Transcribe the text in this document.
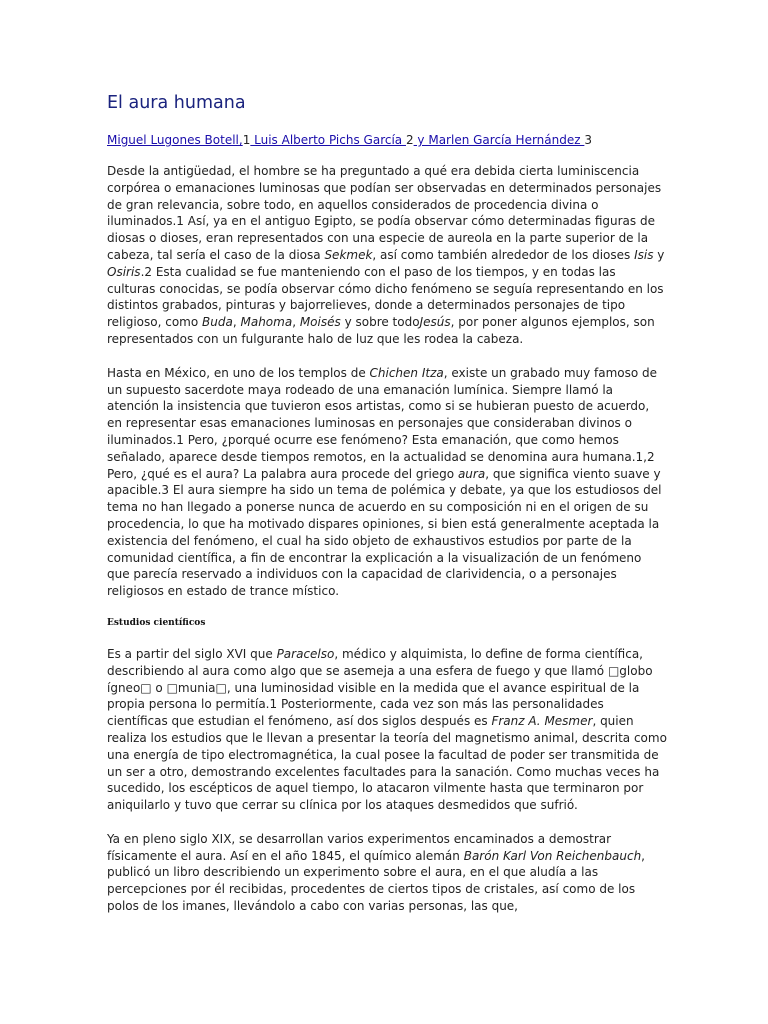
El aura humana
Miguel Lugones Botell,1 Luis Alberto Pichs García 2 y Marlen García Hernández 3

Desde la antigüedad, el hombre se ha preguntado a qué era debida cierta luminiscencia corpórea o emanaciones luminosas que podían ser observadas en determinados personajes de gran relevancia, sobre todo, en aquellos considerados de procedencia divina o iluminados.1 Así, ya en el antiguo Egipto, se podía observar cómo determinadas figuras de diosas o dioses, eran representados con una especie de aureola en la parte superior de la cabeza, tal sería el caso de la diosa Sekmek, así como también alrededor de los dioses Isis y Osiris.2 Esta cualidad se fue manteniendo con el paso de los tiempos, y en todas las culturas conocidas, se podía observar cómo dicho fenómeno se seguía representando en los distintos grabados, pinturas y bajorrelieves, donde a determinados personajes de tipo religioso, como Buda, Mahoma, Moisés y sobre todoJesús, por poner algunos ejemplos, son representados con un fulgurante halo de luz que les rodea la cabeza.

Hasta en México, en uno de los templos de Chichen Itza, existe un grabado muy famoso de un supuesto sacerdote maya rodeado de una emanación lumínica. Siempre llamó la atención la insistencia que tuvieron esos artistas, como si se hubieran puesto de acuerdo, en representar esas emanaciones luminosas en personajes que consideraban divinos o iluminados.1 Pero, ¿porqué ocurre ese fenómeno? Esta emanación, que como hemos señalado, aparece desde tiempos remotos, en la actualidad se denomina aura humana.1,2 Pero, ¿qué es el aura? La palabra aura procede del griego aura, que significa viento suave y apacible.3 El aura siempre ha sido un tema de polémica y debate, ya que los estudiosos del tema no han llegado a ponerse nunca de acuerdo en su composición ni en el origen de su procedencia, lo que ha motivado dispares opiniones, si bien está generalmente aceptada la existencia del fenómeno, el cual ha sido objeto de exhaustivos estudios por parte de la comunidad científica, a fin de encontrar la explicación a la visualización de un fenómeno que parecía reservado a individuos con la capacidad de clarividencia, o a personajes religiosos en estado de trance místico.

Estudios científicos

Es a partir del siglo XVI que Paracelso, médico y alquimista, lo define de forma científica, describiendo al aura como algo que se asemeja a una esfera de fuego y que llamó □globo ígneo□ o □munia□, una luminosidad visible en la medida que el avance espiritual de la propia persona lo permitía.1 Posteriormente, cada vez son más las personalidades científicas que estudian el fenómeno, así dos siglos después es Franz A. Mesmer, quien realiza los estudios que le llevan a presentar la teoría del magnetismo animal, descrita como una energía de tipo electromagnética, la cual posee la facultad de poder ser transmitida de un ser a otro, demostrando excelentes facultades para la sanación. Como muchas veces ha sucedido, los escépticos de aquel tiempo, lo atacaron vilmente hasta que terminaron por aniquilarlo y tuvo que cerrar su clínica por los ataques desmedidos que sufrió.

Ya en pleno siglo XIX, se desarrollan varios experimentos encaminados a demostrar físicamente el aura. Así en el año 1845, el químico alemán Barón Karl Von Reichenbauch, publicó un libro describiendo un experimento sobre el aura, en el que aludía a las percepciones por él recibidas, procedentes de ciertos tipos de cristales, así como de los polos de los imanes, llevándolo a cabo con varias personas, las que,
